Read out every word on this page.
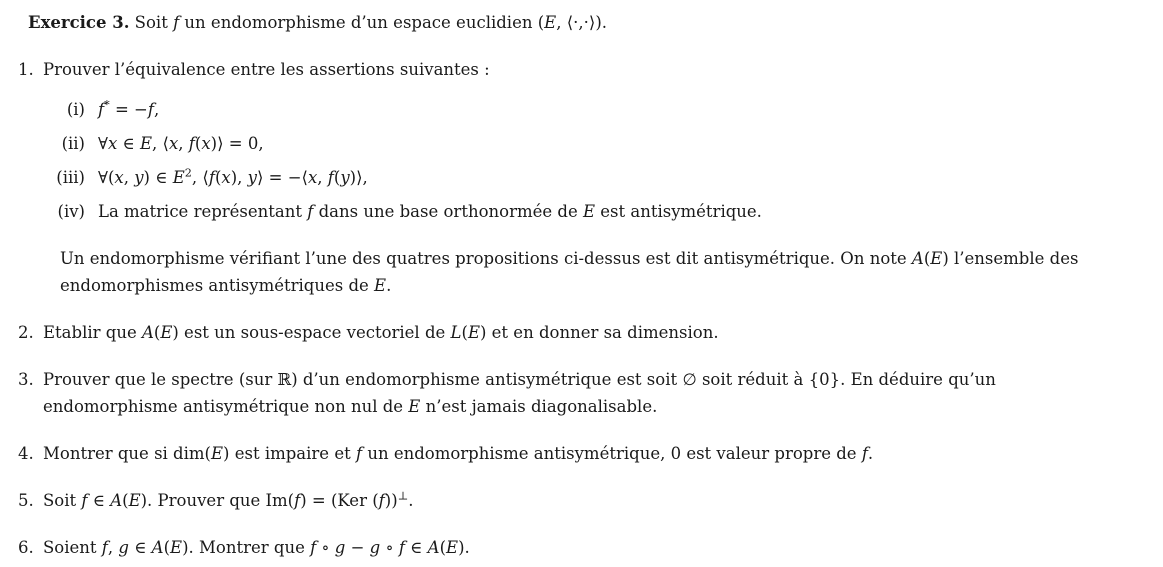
Exercice 3. Soit f un endomorphisme d’un espace euclidien (E, ⟨·,·⟩).

1. Prouver l’équivalence entre les assertions suivantes :
(i) f* = −f,
(ii) ∀x ∈ E, ⟨x, f(x)⟩ = 0,
(iii) ∀(x, y) ∈ $E^2$, ⟨f(x), y⟩ = −⟨x, f(y)⟩,
(iv) La matrice représentant f dans une base orthonormée de E est antisymétrique.

Un endomorphisme vérifiant l’une des quatres propositions ci-dessus est dit antisymétrique. On note A(E) l’ensemble des endomorphismes antisymétriques de E.

2. Etablir que A(E) est un sous-espace vectoriel de L(E) et en donner sa dimension.
3. Prouver que le spectre (sur ℝ) d’un endomorphisme antisymétrique est soit ∅ soit réduit à {0}. En déduire qu’un endomorphisme antisymétrique non nul de E n’est jamais diagonalisable.
4. Montrer que si dim(E) est impaire et f un endomorphisme antisymétrique, 0 est valeur propre de f.
5. Soit f ∈ A(E). Prouver que Im(f) = (Ker (f))⊥.
6. Soient f, g ∈ A(E). Montrer que f ∘ g − g ∘ f ∈ A(E).
